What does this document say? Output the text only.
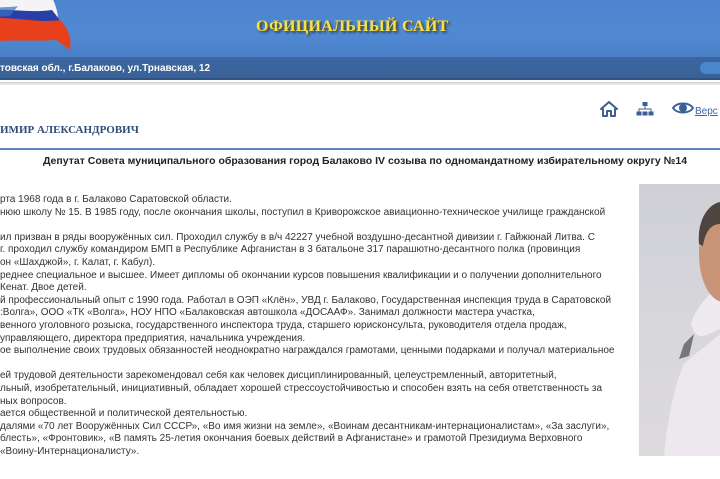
ОФИЦИАЛЬНЫЙ САЙТ
товская обл., г.Балаково, ул.Трнавская, 12
Верс
ИМИР АЛЕКСАНДРОВИЧ
Депутат Совета муниципального образования город Балаково IV созыва по одномандатному избирательному округу №14
рта 1968 года в г. Балаково Саратовской области.
нюю школу № 15. В 1985 году, после окончания школы, поступил в Криворожское авиационно-техническое училище гражданской
ил призван в ряды вооружённых сил. Проходил службу в в/ч 42227 учебной воздушно-десантной дивизии г. Гайжюнай Литва. С
г. проходил службу командиром БМП в Республике Афганистан в 3 батальоне 317 парашютно-десантного полка (провинция
он «Шахджой», г. Калат, г. Кабул).
реднее специальное и высшее. Имеет дипломы об окончании курсов повышения квалификации и о получении дополнительного
Кенат. Двое детей.
й профессиональный опыт с 1990 года. Работал в ОЭП «Клён», УВД г. Балаково, Государственная инспекция труда в Саратовской
:Волга», ООО «ТК «Волга», НОУ НПО «Балаковская автошкола «ДОСААФ». Занимал должности мастера участка,
венного уголовного розыска, государственного инспектора труда, старшего юрисконсульта, руководителя отдела продаж,
управляющего, директора предприятия, начальника учреждения.
ое выполнение своих трудовых обязанностей неоднократно награждался грамотами, ценными подарками и получал материальное
ей трудовой деятельности зарекомендовал себя как человек дисциплинированный, целеустремленный, авторитетный,
льный, изобретательный, инициативный, обладает хорошей стрессоустойчивостью и способен взять на себя ответственность за
ных вопросов.
ается общественной и политической деятельностью.
далями «70 лет Вооружённых Сил СССР», «Во имя жизни на земле», «Воинам десантникам-интернационалистам», «За заслуги»,
блесть», «Фронтовик», «В память 25-летия окончания боевых действий в Афганистане» и грамотой Президиума Верховного
«Воину-Интернационалисту».
